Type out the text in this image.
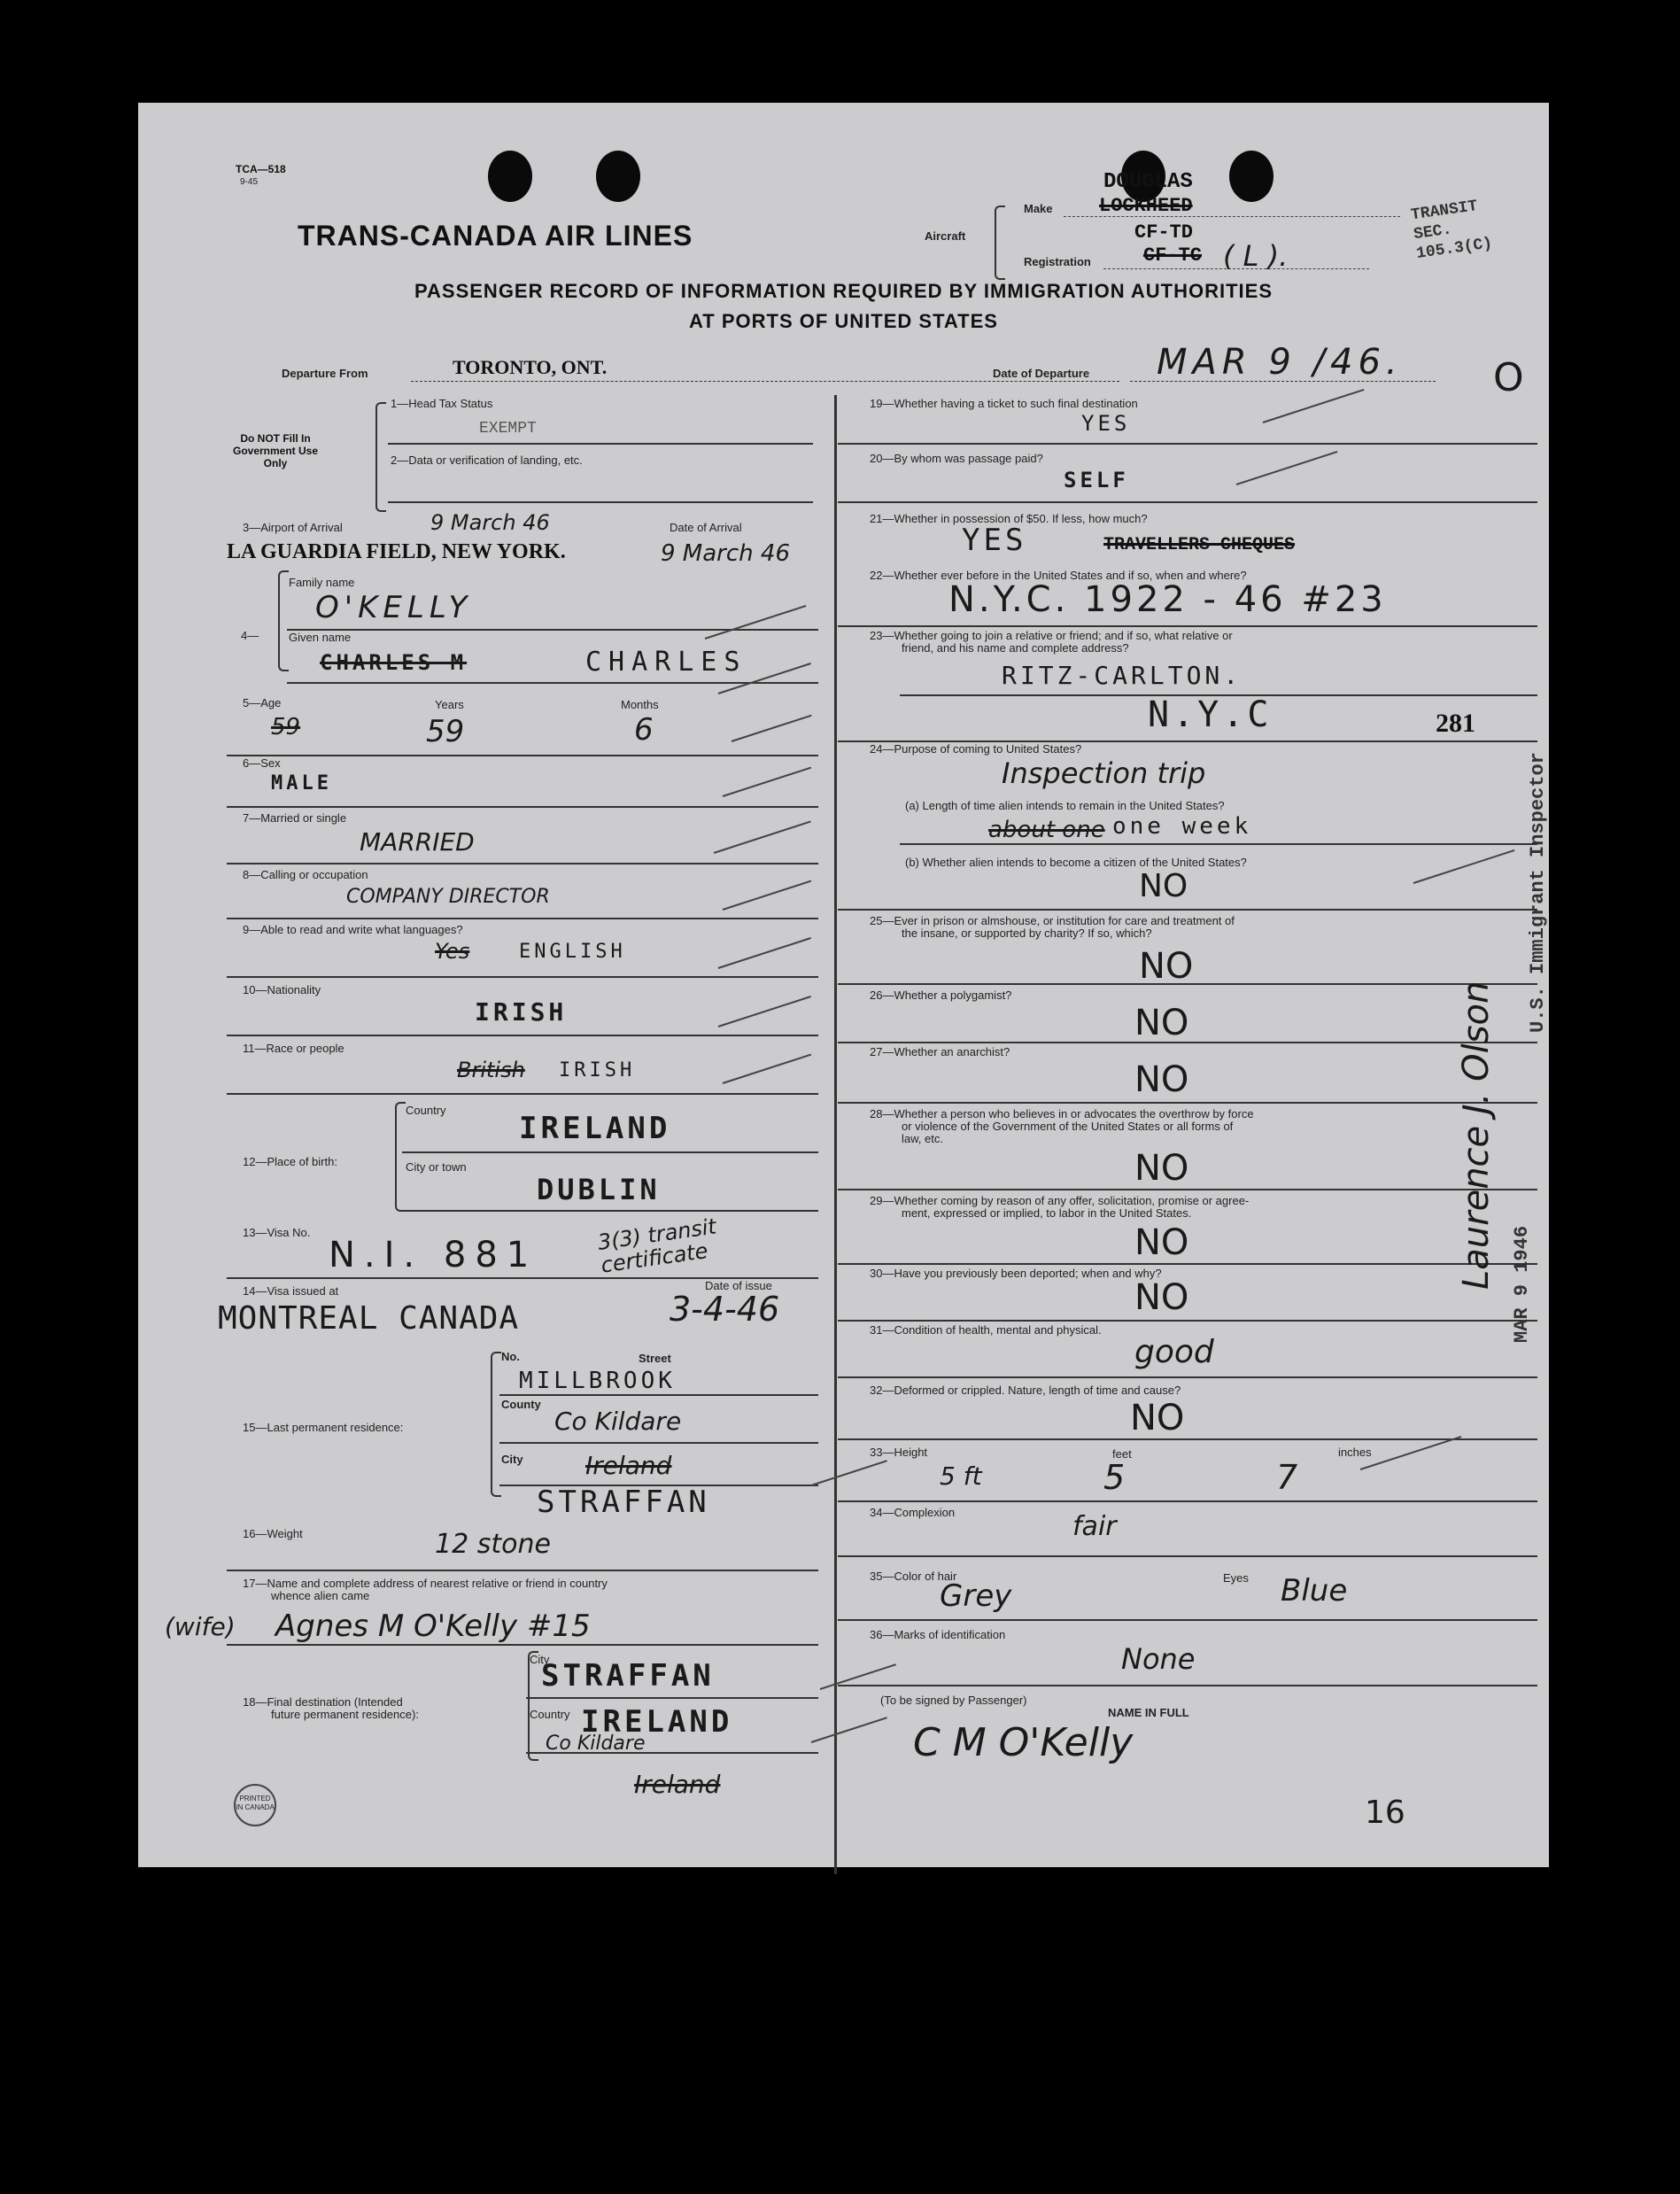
TCA—518
9-45
TRANS-CANADA AIR LINES	Aircraft
Make
DOUGLAS
LOCKHEED
CF-TD
Registration	CF-TC ( L ).
TRANSIT SEC. 105.3(C)
PASSENGER RECORD OF INFORMATION REQUIRED BY IMMIGRATION AUTHORITIES
AT PORTS OF UNITED STATES
Departure From	TORONTO, ONT.	Date of Departure MAR 9 /46. O
Do NOT Fill In Government Use Only
1—Head Tax Status
EXEMPT
2—Data or verification of landing, etc.
3—Airport of Arrival	9 March 46	Date of Arrival
LA GUARDIA FIELD, NEW YORK.	9 March 46
4—
Family name
O'KELLY
Given name
CHARLES M	CHARLES
5—Age	Years	Months
59	59	6
6—Sex
MALE
7—Married or single
MARRIED
8—Calling or occupation
COMPANY DIRECTOR
9—Able to read and write what languages?
Yes	ENGLISH
10—Nationality
IRISH
11—Race or people
British IRISH
12—Place of birth:
Country
IRELAND
City or town
DUBLIN
13—Visa No.
N.I. 881
3(3) transit certificate
14—Visa issued at	Date of issue
MONTREAL CANADA	3-4-46
15—Last permanent residence:
No.	Street
MILLBROOK
County
Co Kildare
City	Ireland
STRAFFAN
16—Weight	12 stone
17—Name and complete address of nearest relative or friend in country
whence alien came
(wife) Agnes M O'Kelly #15
18—Final destination (Intended
future permanent residence):
City
STRAFFAN
Country IRELAND
Co Kildare
Ireland
PRINTED IN CANADA
19—Whether having a ticket to such final destination
YES
20—By whom was passage paid?
SELF
21—Whether in possession of $50. If less, how much?
YES	TRAVELLERS CHEQUES
22—Whether ever before in the United States and if so, when and where?
N.Y.C. 1922 - 46 #23
23—Whether going to join a relative or friend; and if so, what relative or
friend, and his name and complete address?
RITZ-CARLTON.
N.Y.C	281
24—Purpose of coming to United States?
Inspection trip
(a) Length of time alien intends to remain in the United States?
about one one week
(b) Whether alien intends to become a citizen of the United States?
NO
25—Ever in prison or almshouse, or institution for care and treatment of
the insane, or supported by charity? If so, which?
NO
26—Whether a polygamist?
NO
27—Whether an anarchist?
NO
28—Whether a person who believes in or advocates the overthrow by force
or violence of the Government of the United States or all forms of
law, etc.
NO
29—Whether coming by reason of any offer, solicitation, promise or agree-
ment, expressed or implied, to labor in the United States.
NO
30—Have you previously been deported; when and why?
NO
31—Condition of health, mental and physical.
good
32—Deformed or crippled. Nature, length of time and cause?
NO
33—Height	feet	inches
5 ft	5	7
34—Complexion	fair
35—Color of hair	Eyes
Grey	Blue
36—Marks of identification
None
(To be signed by Passenger)
NAME IN FULL
C M O'Kelly
16
U.S. Immigrant Inspector
MAR 9 1946
Laurence J. Olson
